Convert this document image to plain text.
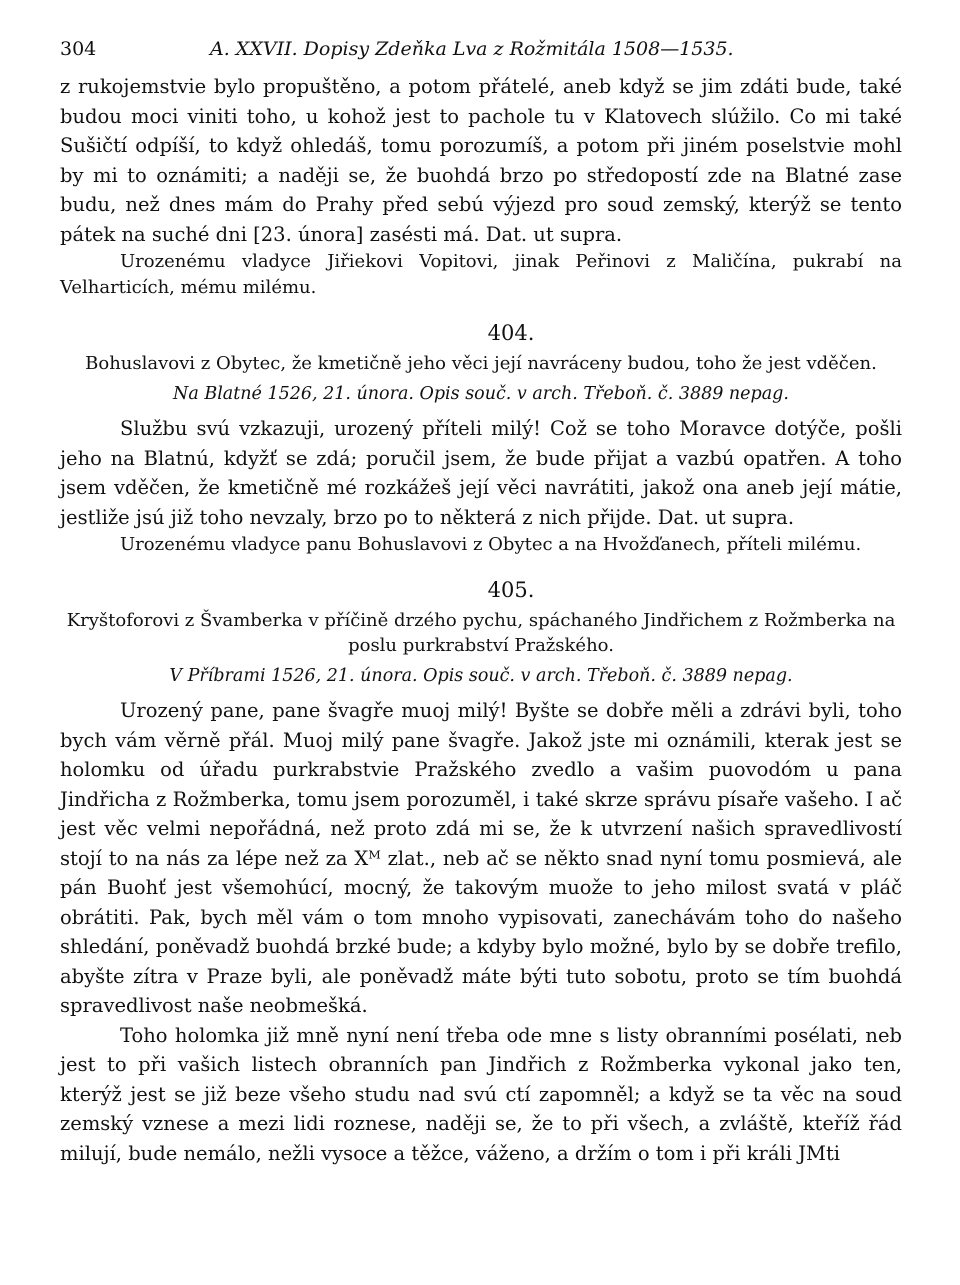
304	A. XXVII. Dopisy Zdeňka Lva z Rožmitála 1508—1535.

z rukojemstvie bylo propuštěno, a potom přátelé, aneb když se jim zdáti bude, také budou moci viniti toho, u kohož jest to pachole tu v Klatovech slúžilo. Co mi také Sušičtí odpíší, to když ohledáš, tomu porozumíš, a potom při jiném poselstvie mohl by mi to oznámiti; a naději se, že buohdá brzo po středopostí zde na Blatné zase budu, než dnes mám do Prahy před sebú výjezd pro soud zemský, kterýž se tento pátek na suché dni [23. února] zasésti má. Dat. ut supra.

Urozenému vladyce Jiřiekovi Vopitovi, jinak Peřinovi z Maličína, pukrabí na Velharticích, mému milému.

404.

Bohuslavovi z Obytec, že kmetičně jeho věci její navráceny budou, toho že jest vděčen.

Na Blatné 1526, 21. února. Opis souč. v arch. Třeboň. č. 3889 nepag.

Službu svú vzkazuji, urozený příteli milý! Což se toho Moravce dotýče, pošli jeho na Blatnú, kdyžť se zdá; poručil jsem, že bude přijat a vazbú opatřen. A toho jsem vděčen, že kmetičně mé rozkážeš její věci navrátiti, jakož ona aneb její mátie, jestliže jsú již toho nevzaly, brzo po to některá z nich přijde. Dat. ut supra.

Urozenému vladyce panu Bohuslavovi z Obytec a na Hvožďanech, příteli milému.

405.

Kryštoforovi z Švamberka v příčině drzého pychu, spáchaného Jindřichem z Rožmberka na poslu purkrabství Pražského.

V Příbrami 1526, 21. února. Opis souč. v arch. Třeboň. č. 3889 nepag.

Urozený pane, pane švagře muoj milý! Byšte se dobře měli a zdrávi byli, toho bych vám věrně přál. Muoj milý pane švagře. Jakož jste mi oznámili, kterak jest se holomku od úřadu purkrabstvie Pražského zvedlo a vašim puovodóm u pana Jindřicha z Rožmberka, tomu jsem porozuměl, i také skrze správu písaře vašeho. I ač jest věc velmi nepořádná, než proto zdá mi se, že k utvrzení našich spravedlivostí stojí to na nás za lépe než za Xᴹ zlat., neb ač se někto snad nyní tomu posmievá, ale pán Buohť jest všemohúcí, mocný, že takovým muože to jeho milost svatá v pláč obrátiti. Pak, bych měl vám o tom mnoho vypisovati, zanechávám toho do našeho shledání, poněvadž buohdá brzké bude; a kdyby bylo možné, bylo by se dobře trefilo, abyšte zítra v Praze byli, ale poněvadž máte býti tuto sobotu, proto se tím buohdá spravedlivost naše neobmešká.

Toho holomka již mně nyní není třeba ode mne s listy obranními posélati, neb jest to při vašich listech obranních pan Jindřich z Rožmberka vykonal jako ten, kterýž jest se již beze všeho studu nad svú ctí zapomněl; a když se ta věc na soud zemský vznese a mezi lidi roznese, naději se, že to při všech, a zvláště, kteříž řád milují, bude nemálo, nežli vysoce a těžce, váženo, a držím o tom i při králi JMti
